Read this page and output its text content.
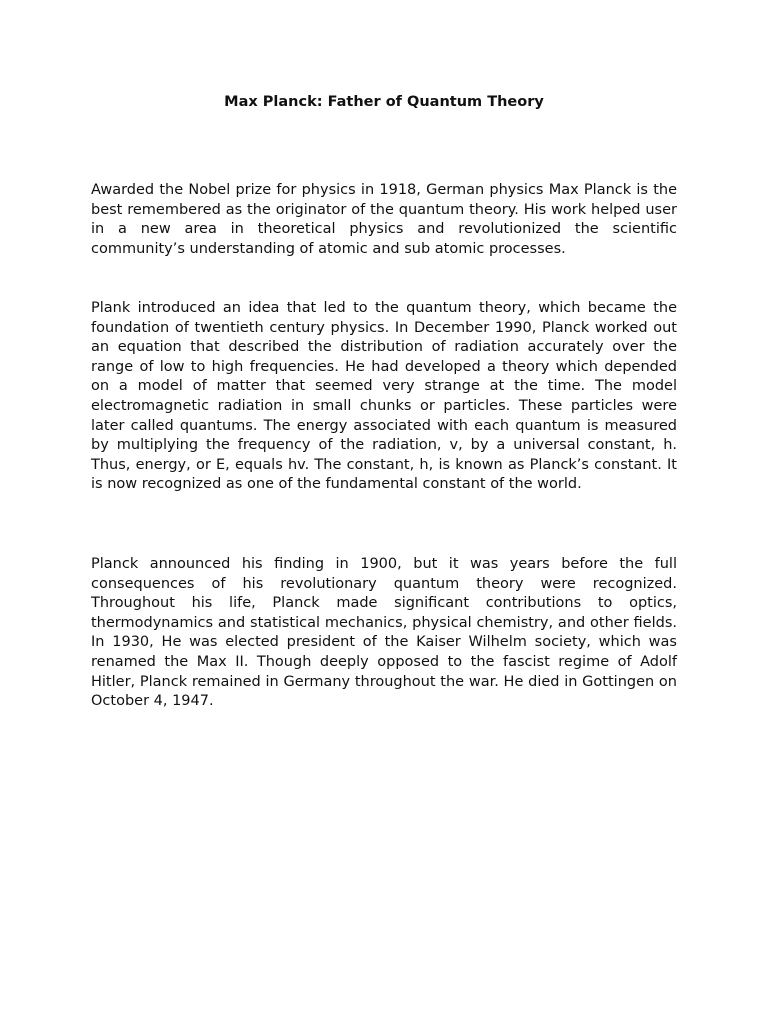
Max Planck: Father of Quantum Theory

Awarded the Nobel prize for physics in 1918, German physics Max Planck is the best remembered as the originator of the quantum theory. His work helped user in a new area in theoretical physics and revolutionized the scientific community’s understanding of atomic and sub atomic processes.

Plank introduced an idea that led to the quantum theory, which became the foundation of twentieth century physics. In December 1990, Planck worked out an equation that described the distribution of radiation accurately over the range of low to high frequencies. He had developed a theory which depended on a model of matter that seemed very strange at the time. The model electromagnetic radiation in small chunks or particles. These particles were later called quantums. The energy associated with each quantum is measured by multiplying the frequency of the radiation, v, by a universal constant, h. Thus, energy, or E, equals hv. The constant, h, is known as Planck’s constant. It is now recognized as one of the fundamental constant of the world.

Planck announced his finding in 1900, but it was years before the full consequences of his revolutionary quantum theory were recognized. Throughout his life, Planck made significant contributions to optics, thermodynamics and statistical mechanics, physical chemistry, and other fields. In 1930, He was elected president of the Kaiser Wilhelm society, which was renamed the Max II. Though deeply opposed to the fascist regime of Adolf Hitler, Planck remained in Germany throughout the war. He died in Gottingen on October 4, 1947.
